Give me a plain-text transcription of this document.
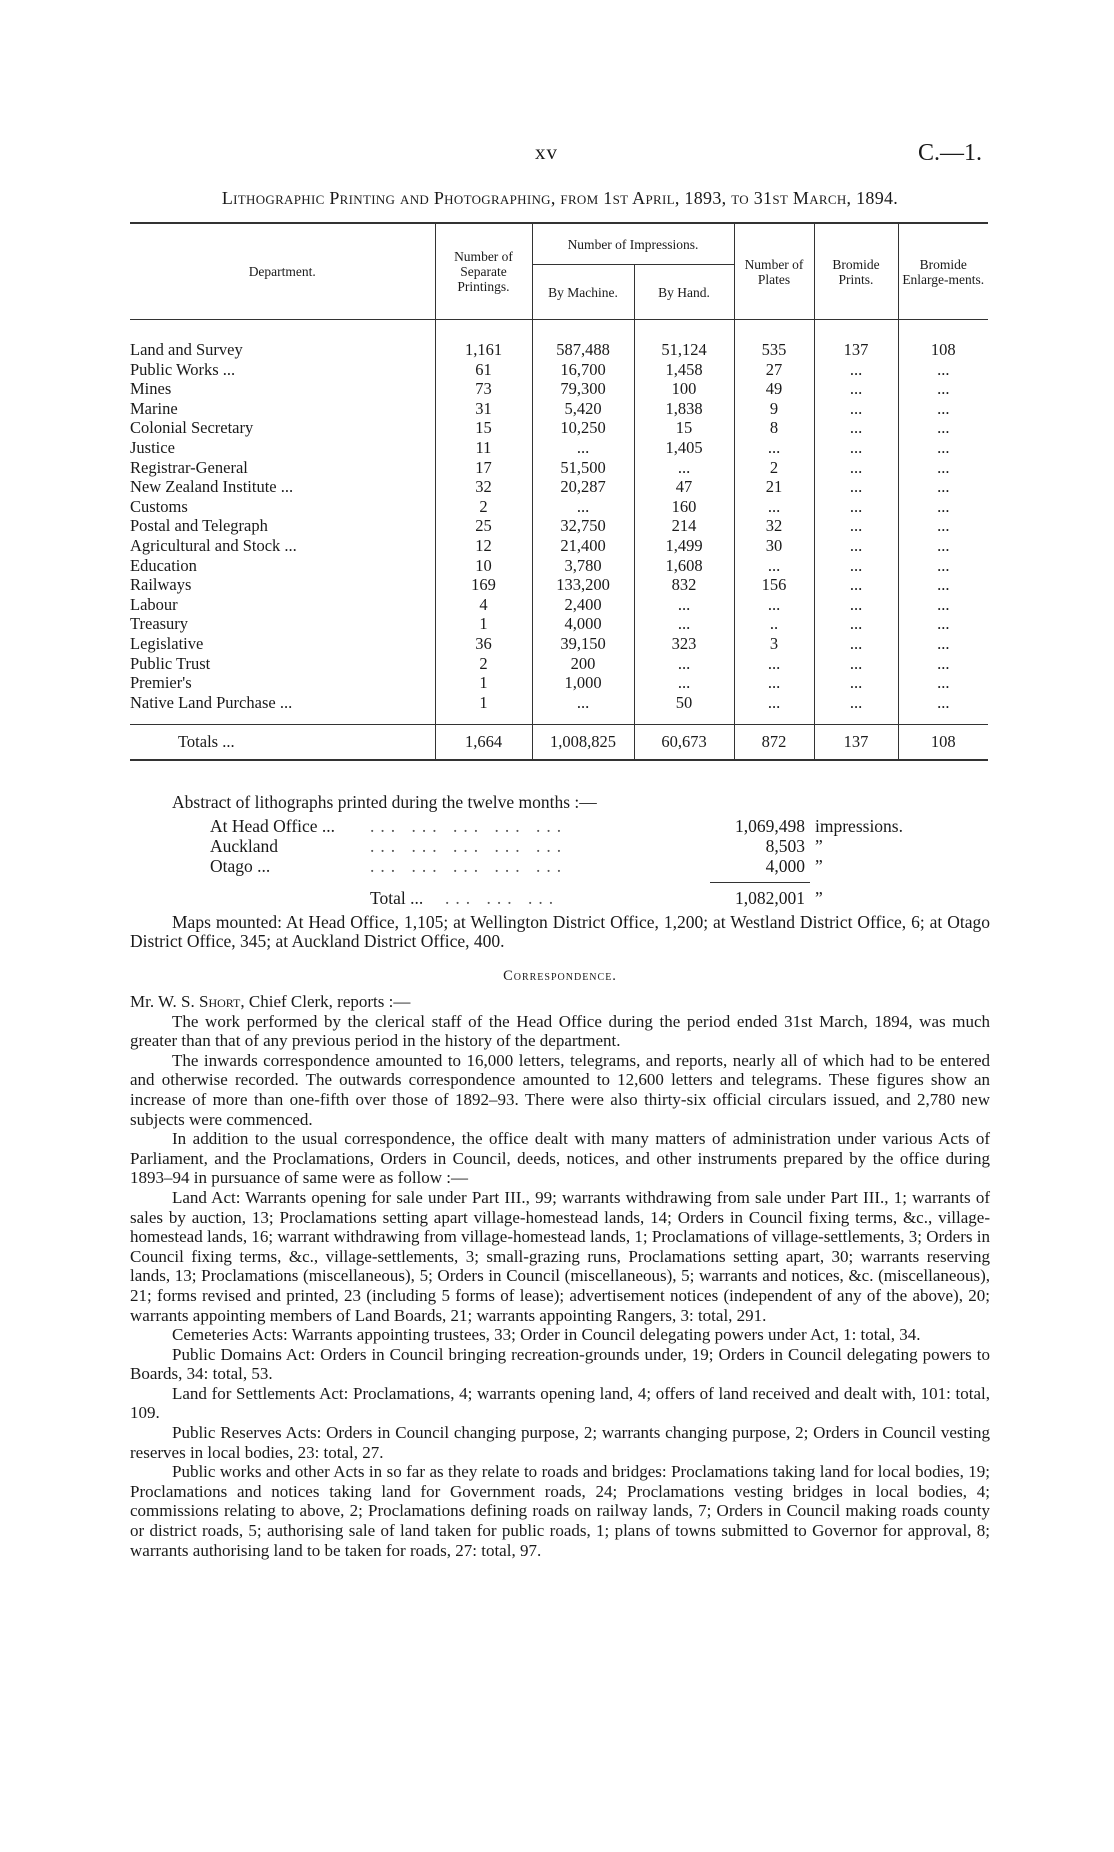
xv	C.—1.
Lithographic Printing and Photographing, from 1st April, 1893, to 31st March, 1894.
Department.	Number of Separate Printings.	Number of Impressions.		Number of Plates	Bromide Prints.	Bromide Enlarge-ments.
		By Machine.	By Hand.			

Land and Survey	1,161	587,488	51,124	535	137	108
Public Works ...	61	16,700	1,458	27	...	...
Mines	73	79,300	100	49	...	...
Marine	31	5,420	1,838	9	...	...
Colonial Secretary	15	10,250	15	8	...	...
Justice	11	...	1,405	...	...	...
Registrar-General	17	51,500	...	2	...	...
New Zealand Institute ...	32	20,287	47	21	...	...
Customs	2	...	160	...	...	...
Postal and Telegraph	25	32,750	214	32	...	...
Agricultural and Stock ...	12	21,400	1,499	30	...	...
Education	10	3,780	1,608	...	...	...
Railways	169	133,200	832	156	...	...
Labour	4	2,400	...	...	...	...
Treasury	1	4,000	...	..	...	...
Legislative	36	39,150	323	3	...	...
Public Trust	2	200	...	...	...	...
Premier's	1	1,000	...	...	...	...
Native Land Purchase ...	1	...	50	...	...	...

Totals ...	1,664	1,008,825	60,673	872	137	108
Abstract of lithographs printed during the twelve months :—
At Head Office ... ... ... ... ... ...	1,069,498 impressions.
Auckland	... ... ... ... ...	8,503 ”
Otago ...	... ... ... ... ...	4,000 ”
Total ... ... ... ...	1,082,001 ”

Maps mounted: At Head Office, 1,105; at Wellington District Office, 1,200; at Westland District Office, 6; at Otago District Office, 345; at Auckland District Office, 400.

Correspondence.

Mr. W. S. Short, Chief Clerk, reports :—

The work performed by the clerical staff of the Head Office during the period ended 31st March, 1894, was much greater than that of any previous period in the history of the department.

The inwards correspondence amounted to 16,000 letters, telegrams, and reports, nearly all of which had to be entered and otherwise recorded. The outwards correspondence amounted to 12,600 letters and telegrams. These figures show an increase of more than one-fifth over those of 1892–93. There were also thirty-six official circulars issued, and 2,780 new subjects were commenced.

In addition to the usual correspondence, the office dealt with many matters of administration under various Acts of Parliament, and the Proclamations, Orders in Council, deeds, notices, and other instruments prepared by the office during 1893–94 in pursuance of same were as follow :—

Land Act: Warrants opening for sale under Part III., 99; warrants withdrawing from sale under Part III., 1; warrants of sales by auction, 13; Proclamations setting apart village-homestead lands, 14; Orders in Council fixing terms, &c., village-homestead lands, 16; warrant withdrawing from village-homestead lands, 1; Proclamations of village-settlements, 3; Orders in Council fixing terms, &c., village-settlements, 3; small-grazing runs, Proclamations setting apart, 30; warrants reserving lands, 13; Proclamations (miscellaneous), 5; Orders in Council (miscellaneous), 5; warrants and notices, &c. (miscellaneous), 21; forms revised and printed, 23 (including 5 forms of lease); advertisement notices (independent of any of the above), 20; warrants appointing members of Land Boards, 21; warrants appointing Rangers, 3: total, 291.

Cemeteries Acts: Warrants appointing trustees, 33; Order in Council delegating powers under Act, 1: total, 34.

Public Domains Act: Orders in Council bringing recreation-grounds under, 19; Orders in Council delegating powers to Boards, 34: total, 53.

Land for Settlements Act: Proclamations, 4; warrants opening land, 4; offers of land received and dealt with, 101: total, 109.

Public Reserves Acts: Orders in Council changing purpose, 2; warrants changing purpose, 2; Orders in Council vesting reserves in local bodies, 23: total, 27.

Public works and other Acts in so far as they relate to roads and bridges: Proclamations taking land for local bodies, 19; Proclamations and notices taking land for Government roads, 24; Proclamations vesting bridges in local bodies, 4; commissions relating to above, 2; Proclamations defining roads on railway lands, 7; Orders in Council making roads county or district roads, 5; authorising sale of land taken for public roads, 1; plans of towns submitted to Governor for approval, 8; warrants authorising land to be taken for roads, 27: total, 97.
